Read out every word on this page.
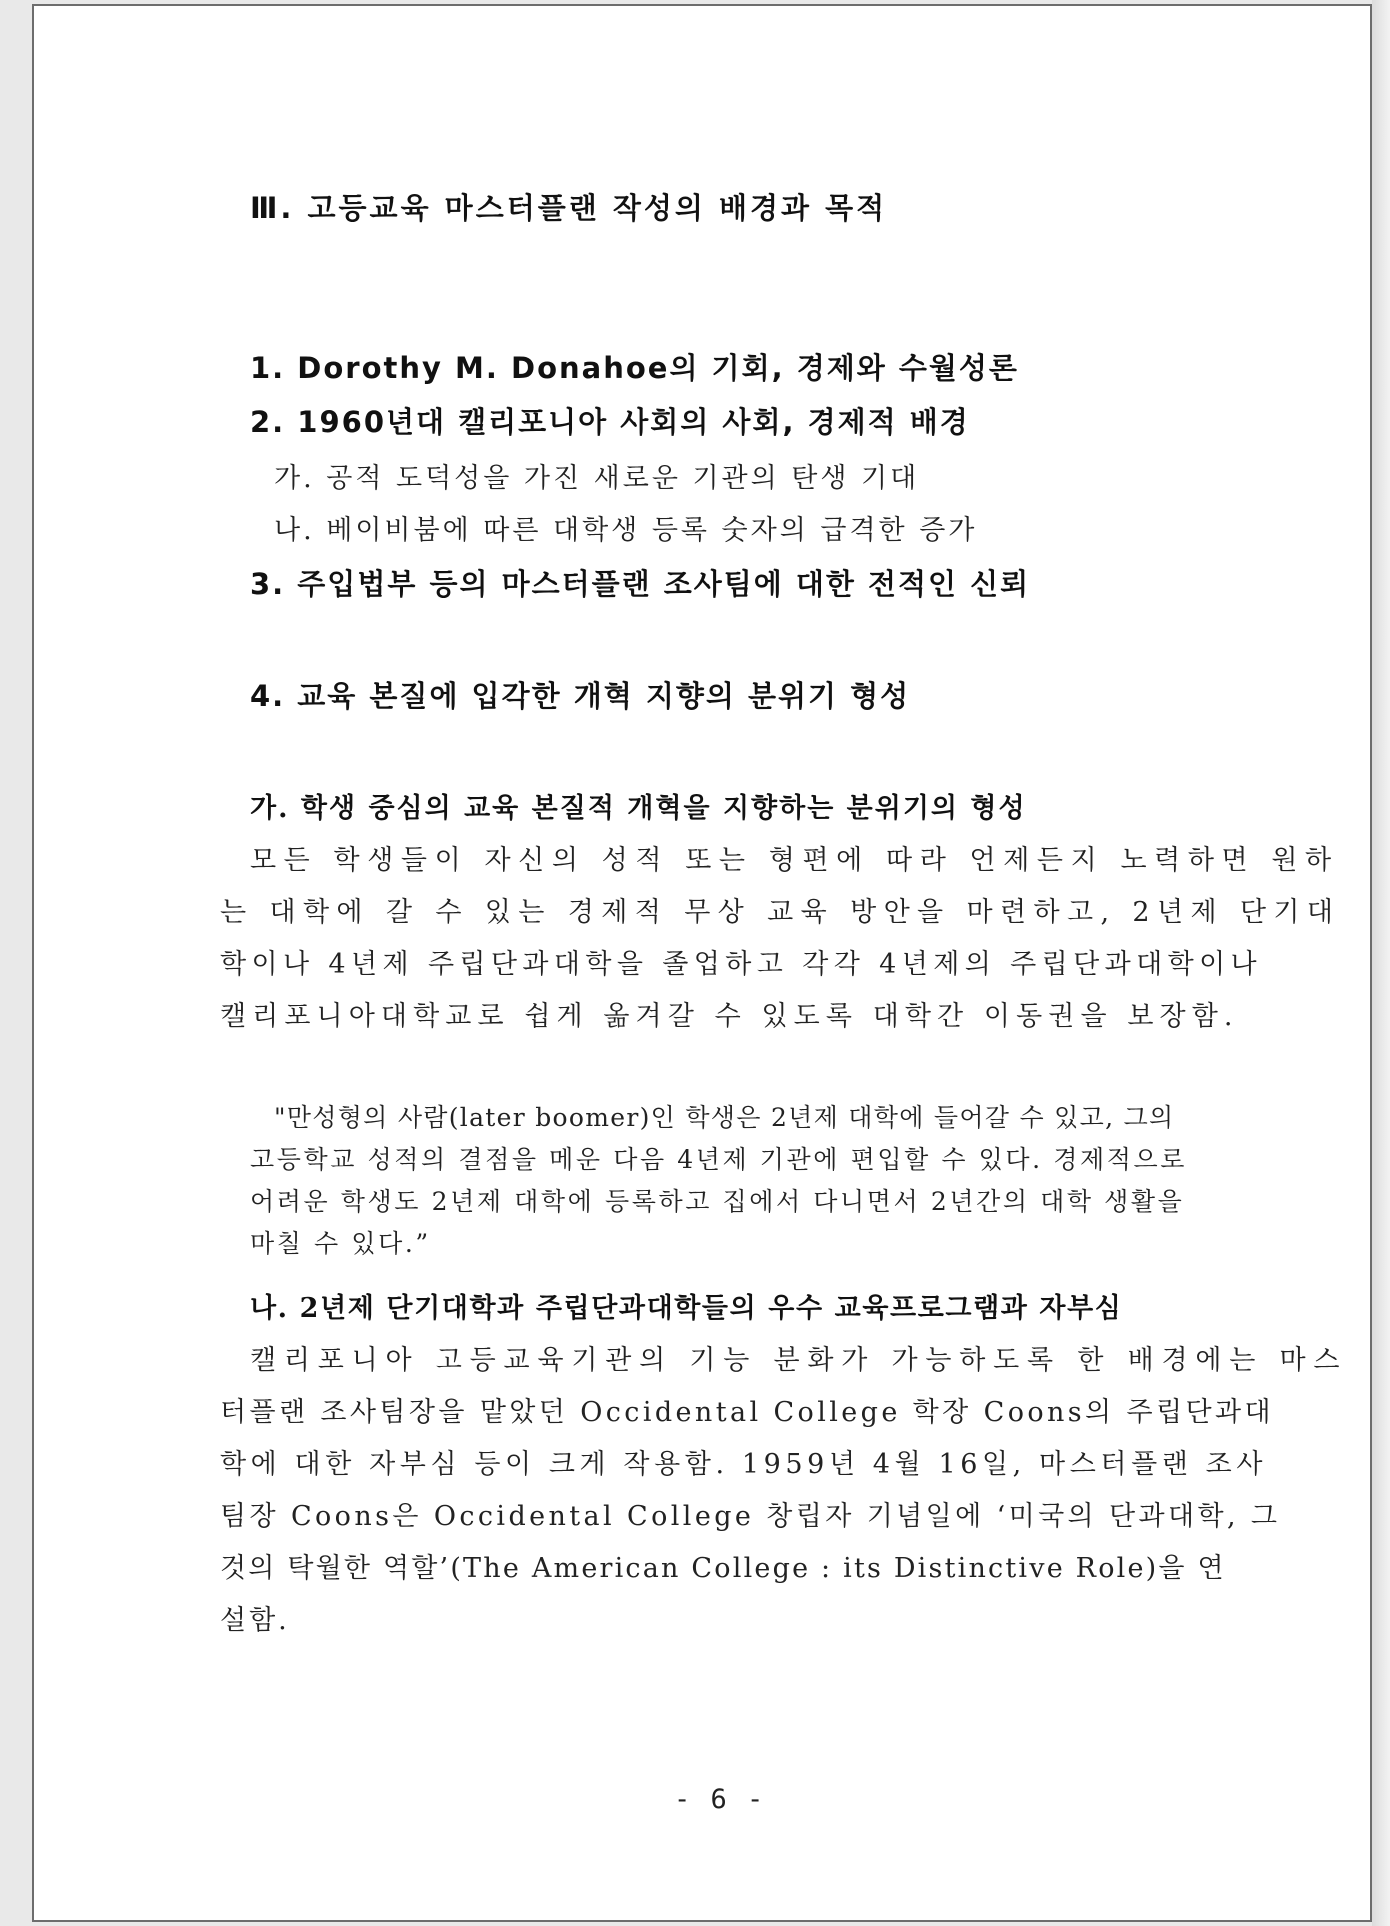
Ⅲ. 고등교육 마스터플랜 작성의 배경과 목적
1. Dorothy M. Donahoe의 기회, 경제와 수월성론
2. 1960년대 캘리포니아 사회의 사회, 경제적 배경
가. 공적 도덕성을 가진 새로운 기관의 탄생 기대
나. 베이비붐에 따른 대학생 등록 숫자의 급격한 증가
3. 주입법부 등의 마스터플랜 조사팀에 대한 전적인 신뢰
4. 교육 본질에 입각한 개혁 지향의 분위기 형성
가. 학생 중심의 교육 본질적 개혁을 지향하는 분위기의 형성
모든 학생들이 자신의 성적 또는 형편에 따라 언제든지 노력하면 원하
는 대학에 갈 수 있는 경제적 무상 교육 방안을 마련하고, 2년제 단기대
학이나 4년제 주립단과대학을 졸업하고 각각 4년제의 주립단과대학이나
캘리포니아대학교로 쉽게 옮겨갈 수 있도록 대학간 이동권을 보장함.
"만성형의 사람(later boomer)인 학생은 2년제 대학에 들어갈 수 있고, 그의
고등학교 성적의 결점을 메운 다음 4년제 기관에 편입할 수 있다. 경제적으로
어려운 학생도 2년제 대학에 등록하고 집에서 다니면서 2년간의 대학 생활을
마칠 수 있다.”
나. 2년제 단기대학과 주립단과대학들의 우수 교육프로그램과 자부심
캘리포니아 고등교육기관의 기능 분화가 가능하도록 한 배경에는 마스
터플랜 조사팀장을 맡았던 Occidental College 학장 Coons의 주립단과대
학에 대한 자부심 등이 크게 작용함. 1959년 4월 16일, 마스터플랜 조사
팀장 Coons은 Occidental College 창립자 기념일에 ‘미국의 단과대학, 그
것의 탁월한 역할’(The American College : its Distinctive Role)을 연
설함.
- 6 -
